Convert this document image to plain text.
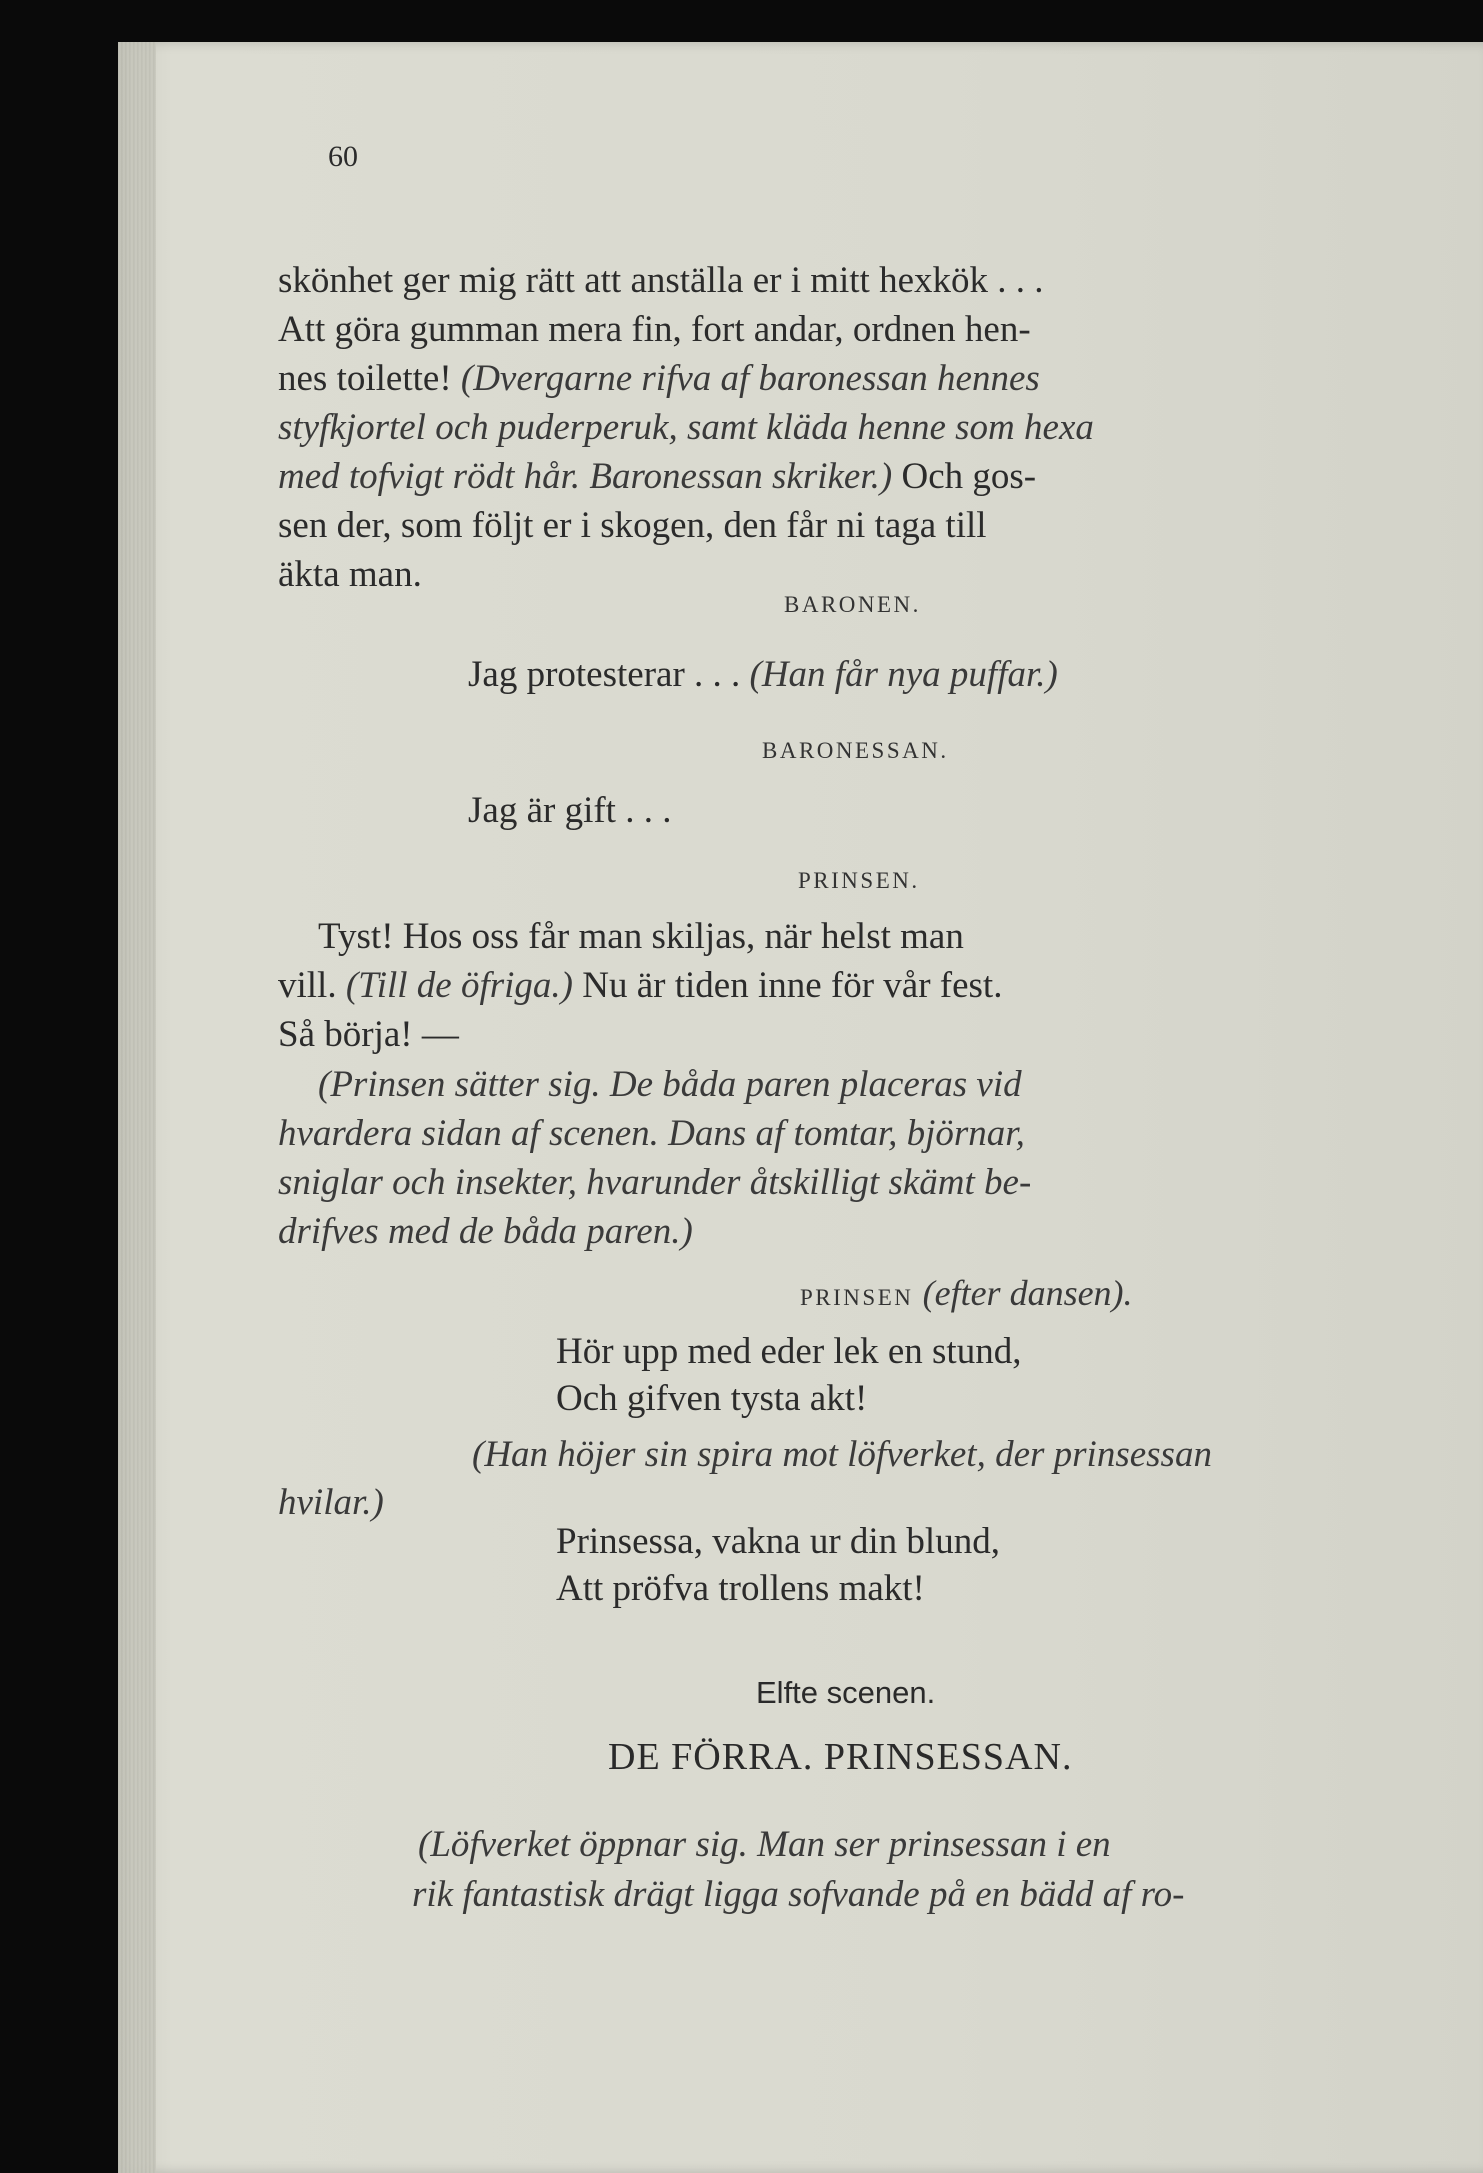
60
skönhet ger mig rätt att anställa er i mitt hexkök . . .
Att göra gumman mera fin, fort andar, ordnen hen-
nes toilette! (Dvergarne rifva af baronessan hennes
styfkjortel och puderperuk, samt kläda henne som hexa
med tofvigt rödt hår. Baronessan skriker.) Och gos-
sen der, som följt er i skogen, den får ni taga till
äkta man.
BARONEN.
Jag protesterar . . . (Han får nya puffar.)
BARONESSAN.
Jag är gift . . .
PRINSEN.
Tyst! Hos oss får man skiljas, när helst man
vill. (Till de öfriga.) Nu är tiden inne för vår fest.
Så börja! —
(Prinsen sätter sig. De båda paren placeras vid
hvardera sidan af scenen. Dans af tomtar, björnar,
sniglar och insekter, hvarunder åtskilligt skämt be-
drifves med de båda paren.)
PRINSEN (efter dansen).
Hör upp med eder lek en stund,
Och gifven tysta akt!
(Han höjer sin spira mot löfverket, der prinsessan
hvilar.)
Prinsessa, vakna ur din blund,
Att pröfva trollens makt!
Elfte scenen.
DE FÖRRA. PRINSESSAN.
(Löfverket öppnar sig. Man ser prinsessan i en
rik fantastisk drägt ligga sofvande på en bädd af ro-
